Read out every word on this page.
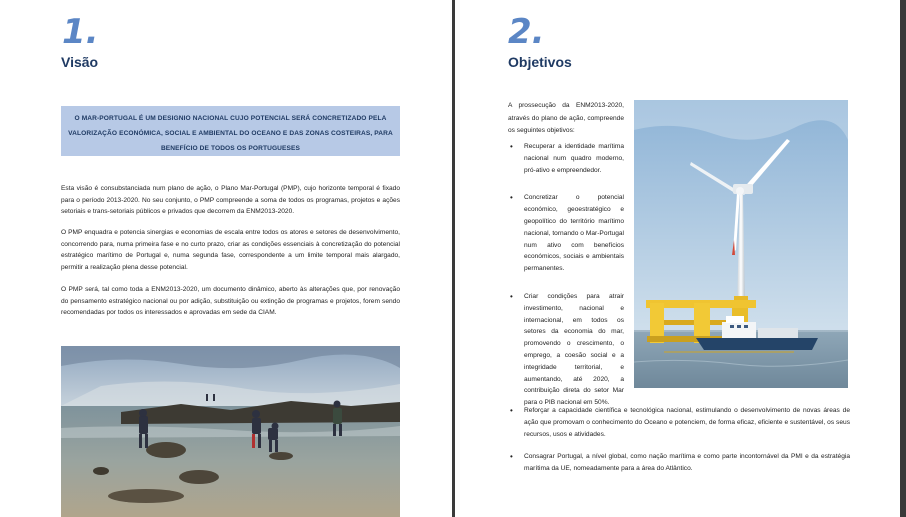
1.
Visão
O MAR-PORTUGAL É UM DESIGNIO NACIONAL CUJO POTENCIAL SERÁ CONCRETIZADO PELA VALORIZAÇÃO ECONÓMICA, SOCIAL E AMBIENTAL DO OCEANO E DAS ZONAS COSTEIRAS, PARA BENEFÍCIO DE TODOS OS PORTUGUESES
Esta visão é consubstanciada num plano de ação, o Plano Mar-Portugal (PMP), cujo horizonte temporal é fixado para o período 2013-2020. No seu conjunto, o PMP compreende a soma de todos os programas, projetos e ações setoriais e trans-setoriais públicos e privados que decorrem da ENM2013-2020.
O PMP enquadra e potencia sinergias e economias de escala entre todos os atores e setores de desenvolvimento, concorrendo para, numa primeira fase e no curto prazo, criar as condições essenciais à concretização do potencial estratégico marítimo de Portugal e, numa segunda fase, correspondente a um limite temporal mais alargado, permitir a realização plena desse potencial.
O PMP será, tal como toda a ENM2013-2020, um documento dinâmico, aberto às alterações que, por renovação do pensamento estratégico nacional ou por adição, substituição ou extinção de programas e projetos, forem sendo recomendadas por todos os interessados e aprovadas em sede da CIAM.
2.
Objetivos
A prossecução da ENM2013-2020, através do plano de ação, compreende os seguintes objetivos:
• Recuperar a identidade marítima nacional num quadro moderno, pró-ativo e empreendedor.
• Concretizar o potencial económico, geoestratégico e geopolítico do território marítimo nacional, tornando o Mar-Portugal num ativo com benefícios económicos, sociais e ambientais permanentes.
• Criar condições para atrair investimento, nacional e internacional, em todos os setores da economia do mar, promovendo o crescimento, o emprego, a coesão social e a integridade territorial, e aumentando, até 2020, a contribuição direta do setor Mar para o PIB nacional em 50%.
• Reforçar a capacidade científica e tecnológica nacional, estimulando o desenvolvimento de novas áreas de ação que promovam o conhecimento do Oceano e potenciem, de forma eficaz, eficiente e sustentável, os seus recursos, usos e atividades.
• Consagrar Portugal, a nível global, como nação marítima e como parte incontornável da PMI e da estratégia marítima da UE, nomeadamente para a área do Atlântico.
